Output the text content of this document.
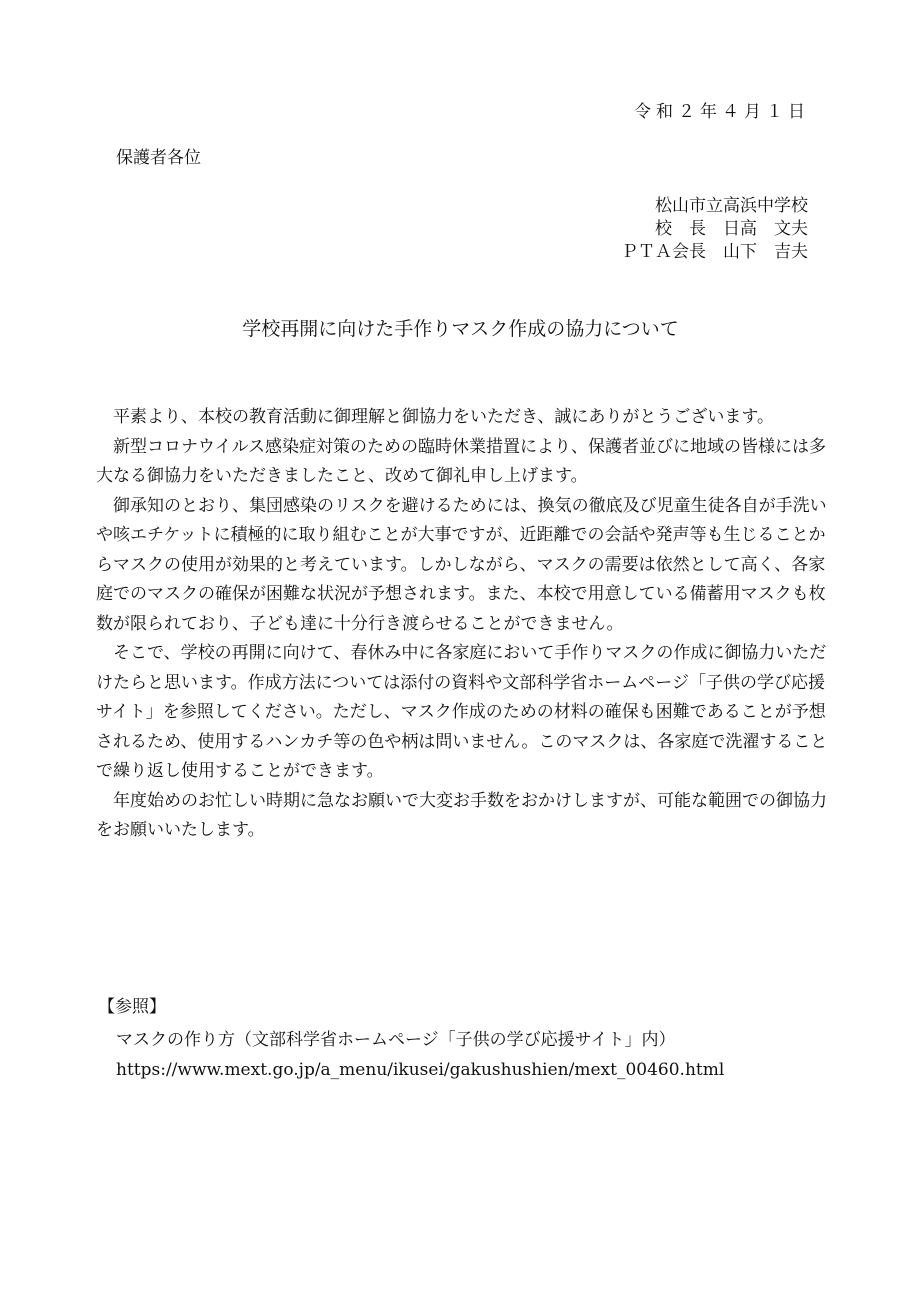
令和２年４月１日
保護者各位
松山市立高浜中学校
校　長　日高　文夫
ＰＴＡ会長　山下　吉夫
学校再開に向けた手作りマスク作成の協力について

平素より、本校の教育活動に御理解と御協力をいただき、誠にありがとうございます。

新型コロナウイルス感染症対策のための臨時休業措置により、保護者並びに地域の皆様には多大なる御協力をいただきましたこと、改めて御礼申し上げます。

御承知のとおり、集団感染のリスクを避けるためには、換気の徹底及び児童生徒各自が手洗いや咳エチケットに積極的に取り組むことが大事ですが、近距離での会話や発声等も生じることからマスクの使用が効果的と考えています。しかしながら、マスクの需要は依然として高く、各家庭でのマスクの確保が困難な状況が予想されます。また、本校で用意している備蓄用マスクも枚数が限られており、子ども達に十分行き渡らせることができません。

そこで、学校の再開に向けて、春休み中に各家庭において手作りマスクの作成に御協力いただけたらと思います。作成方法については添付の資料や文部科学省ホームページ「子供の学び応援サイト」を参照してください。ただし、マスク作成のための材料の確保も困難であることが予想されるため、使用するハンカチ等の色や柄は問いません。このマスクは、各家庭で洗濯することで繰り返し使用することができます。

年度始めのお忙しい時期に急なお願いで大変お手数をおかけしますが、可能な範囲での御協力をお願いいたします。

【参照】
マスクの作り方（文部科学省ホームページ「子供の学び応援サイト」内）
https://www.mext.go.jp/a_menu/ikusei/gakushushien/mext_00460.html
